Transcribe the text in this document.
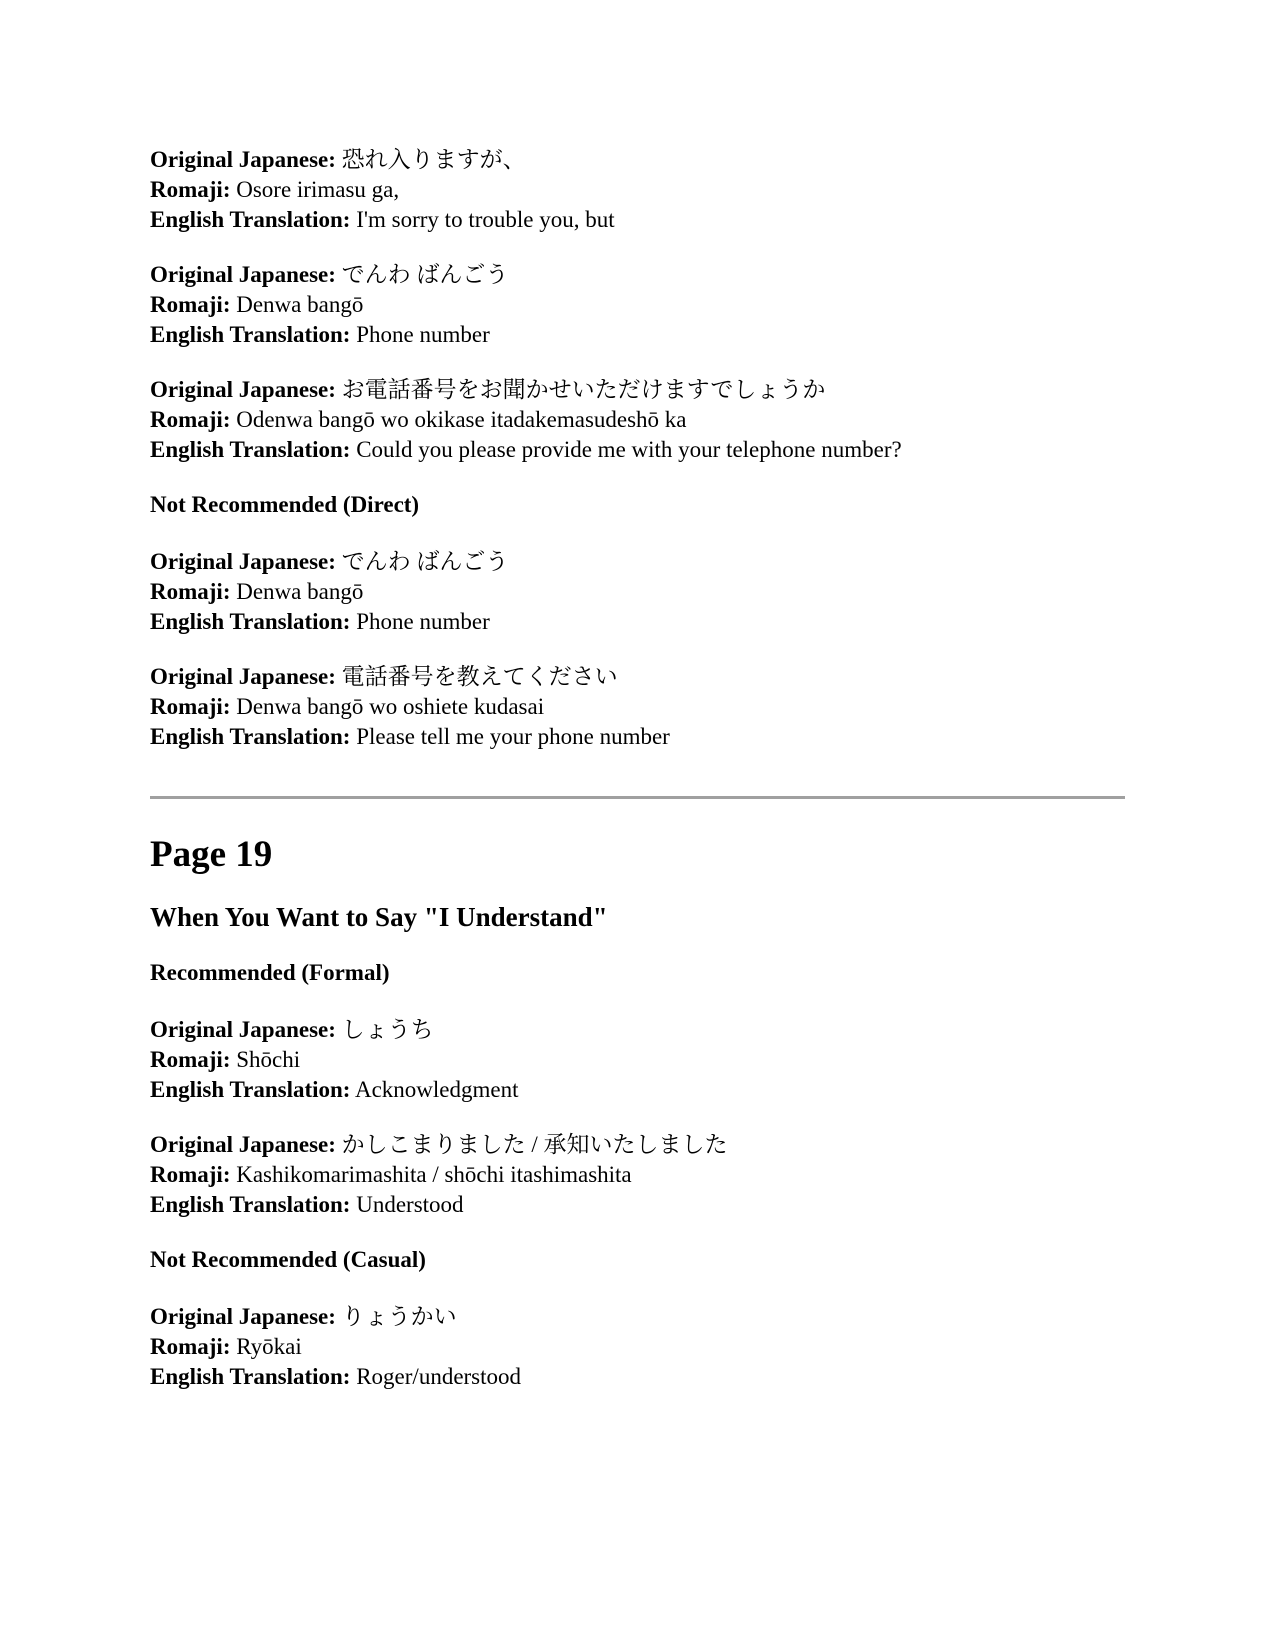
Original Japanese: 恐れ入りますが、
Romaji: Osore irimasu ga,
English Translation: I'm sorry to trouble you, but
Original Japanese: でんわ ばんごう
Romaji: Denwa bangō
English Translation: Phone number
Original Japanese: お電話番号をお聞かせいただけますでしょうか
Romaji: Odenwa bangō wo okikase itadakemasudeshō ka
English Translation: Could you please provide me with your telephone number?
Not Recommended (Direct)
Original Japanese: でんわ ばんごう
Romaji: Denwa bangō
English Translation: Phone number
Original Japanese: 電話番号を教えてください
Romaji: Denwa bangō wo oshiete kudasai
English Translation: Please tell me your phone number
Page 19
When You Want to Say "I Understand"
Recommended (Formal)
Original Japanese: しょうち
Romaji: Shōchi
English Translation: Acknowledgment
Original Japanese: かしこまりました / 承知いたしました
Romaji: Kashikomarimashita / shōchi itashimashita
English Translation: Understood
Not Recommended (Casual)
Original Japanese: りょうかい
Romaji: Ryōkai
English Translation: Roger/understood
